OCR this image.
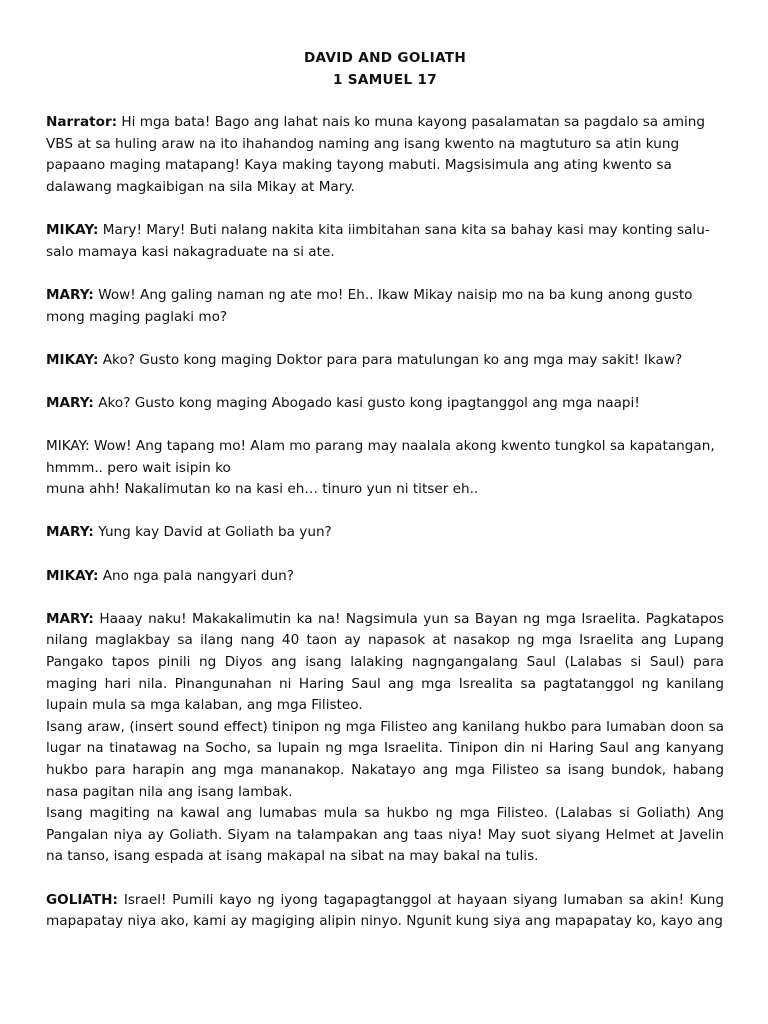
DAVID AND GOLIATH
1 SAMUEL 17

Narrator: Hi mga bata! Bago ang lahat nais ko muna kayong pasalamatan sa pagdalo sa aming VBS at sa huling araw na ito ihahandog naming ang isang kwento na magtuturo sa atin kung papaano maging matapang! Kaya making tayong mabuti. Magsisimula ang ating kwento sa dalawang magkaibigan na sila Mikay at Mary.

MIKAY: Mary! Mary! Buti nalang nakita kita iimbitahan sana kita sa bahay kasi may konting salu-salo mamaya kasi nakagraduate na si ate.

MARY: Wow! Ang galing naman ng ate mo! Eh.. Ikaw Mikay naisip mo na ba kung anong gusto mong maging paglaki mo?

MIKAY: Ako? Gusto kong maging Doktor para para matulungan ko ang mga may sakit! Ikaw?

MARY: Ako? Gusto kong maging Abogado kasi gusto kong ipagtanggol ang mga naapi!

MIKAY: Wow! Ang tapang mo! Alam mo parang may naalala akong kwento tungkol sa kapatangan, hmmm.. pero wait isipin ko
muna ahh! Nakalimutan ko na kasi eh… tinuro yun ni titser eh..

MARY: Yung kay David at Goliath ba yun?

MIKAY: Ano nga pala nangyari dun?

MARY: Haaay naku! Makakalimutin ka na! Nagsimula yun sa Bayan ng mga Israelita. Pagkatapos nilang maglakbay sa ilang nang 40 taon ay napasok at nasakop ng mga Israelita ang Lupang Pangako tapos pinili ng Diyos ang isang lalaking nagngangalang Saul (Lalabas si Saul) para maging hari nila. Pinangunahan ni Haring Saul ang mga Isrealita sa pagtatanggol ng kanilang lupain mula sa mga kalaban, ang mga Filisteo.

Isang araw, (insert sound effect) tinipon ng mga Filisteo ang kanilang hukbo para lumaban doon sa lugar na tinatawag na Socho, sa lupain ng mga Israelita. Tinipon din ni Haring Saul ang kanyang hukbo para harapin ang mga mananakop. Nakatayo ang mga Filisteo sa isang bundok, habang nasa pagitan nila ang isang lambak.

Isang magiting na kawal ang lumabas mula sa hukbo ng mga Filisteo. (Lalabas si Goliath) Ang Pangalan niya ay Goliath. Siyam na talampakan ang taas niya! May suot siyang Helmet at Javelin na tanso, isang espada at isang makapal na sibat na may bakal na tulis.

GOLIATH: Israel! Pumili kayo ng iyong tagapagtanggol at hayaan siyang lumaban sa akin! Kung mapapatay niya ako, kami ay magiging alipin ninyo. Ngunit kung siya ang mapapatay ko, kayo ang
